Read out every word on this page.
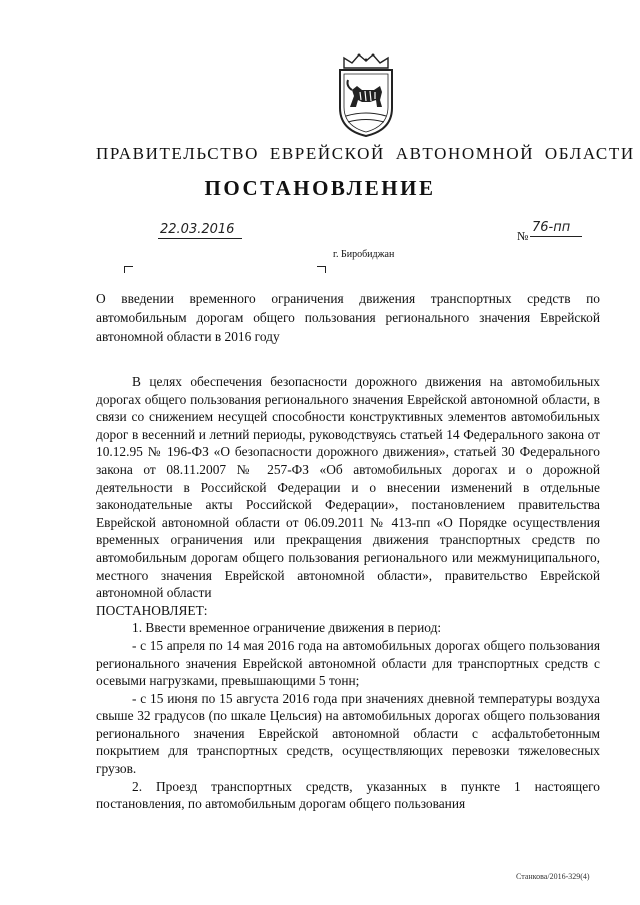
ПРАВИТЕЛЬСТВО ЕВРЕЙСКОЙ АВТОНОМНОЙ ОБЛАСТИ
ПОСТАНОВЛЕНИЕ
22.03.2016	№
76-пп
г. Биробиджан
О введении временного ограничения движения транспортных средств по автомобильным дорогам общего пользования регионального значения Еврейской автономной области в 2016 году

В целях обеспечения безопасности дорожного движения на автомобильных дорогах общего пользования регионального значения Еврейской автономной области, в связи со снижением несущей способности конструктивных элементов автомобильных дорог в весенний и летний периоды, руководствуясь статьей 14 Федерального закона от 10.12.95 № 196-ФЗ «О безопасности дорожного движения», статьей 30 Федерального закона от 08.11.2007 № 257-ФЗ «Об автомобильных дорогах и о дорожной деятельности в Российской Федерации и о внесении изменений в отдельные законодательные акты Российской Федерации», постановлением правительства Еврейской автономной области от 06.09.2011 № 413-пп «О Порядке осуществления временных ограничения или прекращения движения транспортных средств по автомобильным дорогам общего пользования регионального или межмуниципального, местного значения Еврейской автономной области», правительство Еврейской автономной области

ПОСТАНОВЛЯЕТ:

1. Ввести временное ограничение движения в период:

- с 15 апреля по 14 мая 2016 года на автомобильных дорогах общего пользования регионального значения Еврейской автономной области для транспортных средств с осевыми нагрузками, превышающими 5 тонн;

- с 15 июня по 15 августа 2016 года при значениях дневной температуры воздуха свыше 32 градусов (по шкале Цельсия) на автомобильных дорогах общего пользования регионального значения Еврейской автономной области с асфальтобетонным покрытием для транспортных средств, осуществляющих перевозки тяжеловесных грузов.

2. Проезд транспортных средств, указанных в пункте 1 настоящего постановления, по автомобильным дорогам общего пользования

Станкова/2016-329(4)
